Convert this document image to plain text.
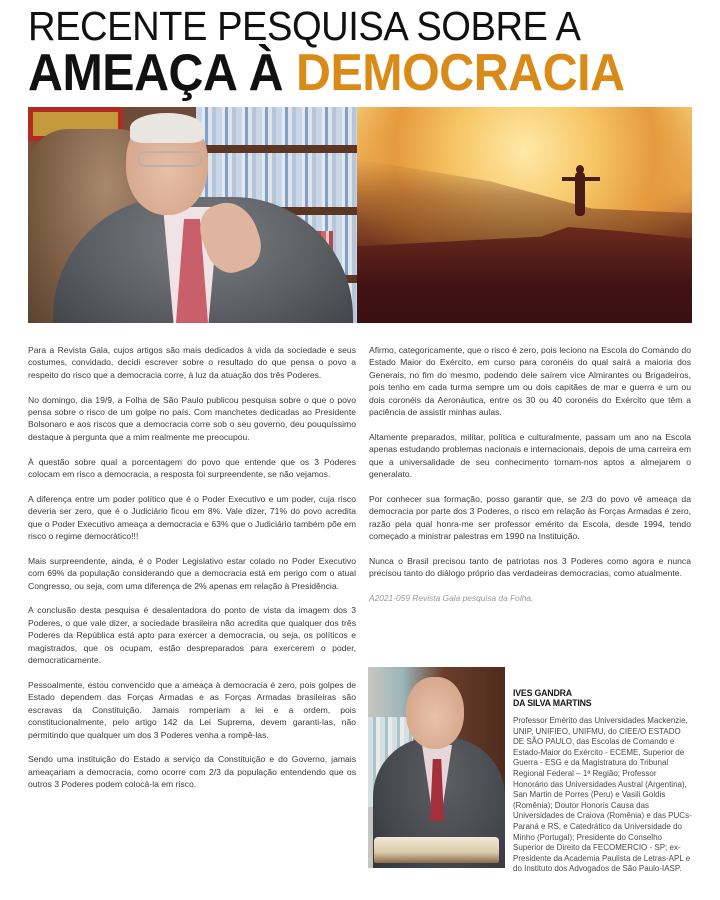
RECENTE PESQUISA SOBRE A
AMEAÇA À DEMOCRACIA

Para a Revista Gala, cujos artigos são mais dedicados à vida da sociedade e seus costumes, convidado, decidi escrever sobre o resultado do que pensa o povo a respeito do risco que a democracia corre, à luz da atuação dos três Poderes.

No domingo, dia 19/9, a Folha de São Paulo publicou pesquisa sobre o que o povo pensa sobre o risco de um golpe no país. Com manchetes dedicadas ao Presidente Bolsonaro e aos riscos que a democracia corre sob o seu governo, deu pouquíssimo destaque à pergunta que a mim realmente me preocupou.

À questão sobre qual a porcentagem do povo que entende que os 3 Poderes colocam em risco a democracia, a resposta foi surpreendente, se não vejamos.

A diferença entre um poder político que é o Poder Executivo e um poder, cuja risco deveria ser zero, que é o Judiciário ficou em 8%. Vale dizer, 71% do povo acredita que o Poder Executivo ameaça a democracia e 63% que o Judiciário também põe em risco o regime democrático!!!

Mais surpreendente, ainda, é o Poder Legislativo estar colado no Poder Executivo com 69% da população considerando que a democracia está em perigo com o atual Congresso, ou seja, com uma diferença de 2% apenas em relação à Presidência.

A conclusão desta pesquisa é desalentadora do ponto de vista da imagem dos 3 Poderes, o que vale dizer, a sociedade brasileira não acredita que qualquer dos três Poderes da República está apto para exercer a democracia, ou seja, os políticos e magistrados, que os ocupam, estão despreparados para exercerem o poder, democraticamente.

Pessoalmente, estou convencido que a ameaça à democracia é zero, pois golpes de Estado dependem das Forças Armadas e as Forças Armadas brasileiras são escravas da Constituição. Jamais romperiam a lei e a ordem, pois constitucionalmente, pelo artigo 142 da Lei Suprema, devem garanti-las, não permitindo que qualquer um dos 3 Poderes venha a rompê-las.

Sendo uma instituição do Estado a serviço da Constituição e do Governo, jamais ameaçariam a democracia, como ocorre com 2/3 da população entendendo que os outros 3 Poderes podem colocá-la em risco.

Afirmo, categoricamente, que o risco é zero, pois leciono na Escola do Comando do Estado Maior do Exército, em curso para coronéis do qual sairá a maioria dos Generais, no fim do mesmo, podendo dele saírem vice Almirantes ou Brigadeiros, pois tenho em cada turma sempre um ou dois capitães de mar e guerra e um ou dois coronéis da Aeronáutica, entre os 30 ou 40 coronéis do Exército que têm a paciência de assistir minhas aulas.

Altamente preparados, militar, política e culturalmente, passam um ano na Escola apenas estudando problemas nacionais e internacionais, depois de uma carreira em que a universalidade de seu conhecimento tornam-nos aptos a almejarem o generalato.

Por conhecer sua formação, posso garantir que, se 2/3 do povo vê ameaça da democracia por parte dos 3 Poderes, o risco em relação às Forças Armadas é zero, razão pela qual honra-me ser professor emérito da Escola, desde 1994, tendo começado a ministrar palestras em 1990 na Instituição.

Nunca o Brasil precisou tanto de patriotas nos 3 Poderes como agora e nunca precisou tanto do diálogo próprio das verdadeiras democracias, como atualmente.

A2021-059 Revista Gala pesquisa da Folha.

IVES GANDRA
DA SILVA MARTINS
Professor Emérito das Universidades Mackenzie, UNIP, UNIFIEO, UNIFMU, do CIEE/O ESTADO DE SÃO PAULO, das Escolas de Comando e Estado-Maior do Exército - ECEME, Superior de Guerra - ESG e da Magistratura do Tribunal Regional Federal – 1ª Região; Professor Honorário das Universidades Austral (Argentina), San Martin de Porres (Peru) e Vasili Goldis (Romênia); Doutor Honoris Causa das Universidades de Craiova (Romênia) e das PUCs-Paraná e RS, e Catedrático da Universidade do Minho (Portugal); Presidente do Conselho Superior de Direito da FECOMERCIO - SP; ex-Presidente da Academia Paulista de Letras-APL e do Instituto dos Advogados de São Paulo-IASP.
